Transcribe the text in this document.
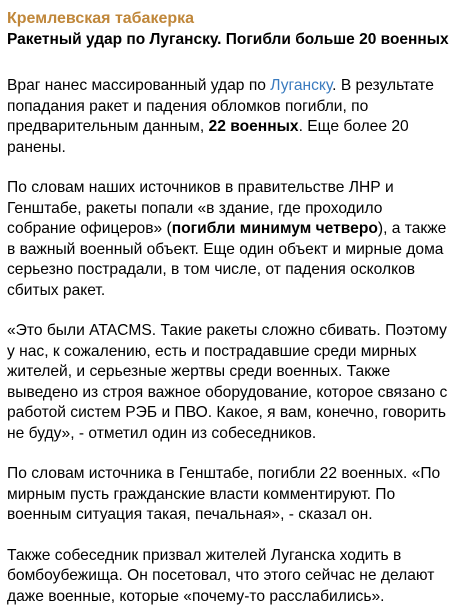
Кремлевская табакерка
Ракетный удар по Луганску. Погибли больше 20 военных

Враг нанес массированный удар по Луганску. В результате попадания ракет и падения обломков погибли, по предварительным данным, 22 военных. Еще более 20 ранены.

По словам наших источников в правительстве ЛНР и Генштабе, ракеты попали «в здание, где проходило собрание офицеров» (погибли минимум четверо), а также в важный военный объект. Еще один объект и мирные дома серьезно пострадали, в том числе, от падения осколков сбитых ракет.

«Это были ATACMS. Такие ракеты сложно сбивать. Поэтому у нас, к сожалению, есть и пострадавшие среди мирных жителей, и серьезные жертвы среди военных. Также выведено из строя важное оборудование, которое связано с работой систем РЭБ и ПВО. Какое, я вам, конечно, говорить не буду», - отметил один из собеседников.

По словам источника в Генштабе, погибли 22 военных. «По мирным пусть гражданские власти комментируют. По военным ситуация такая, печальная», - сказал он.

Также собеседник призвал жителей Луганска ходить в бомбоубежища. Он посетовал, что этого сейчас не делают даже военные, которые «почему-то расслабились».
